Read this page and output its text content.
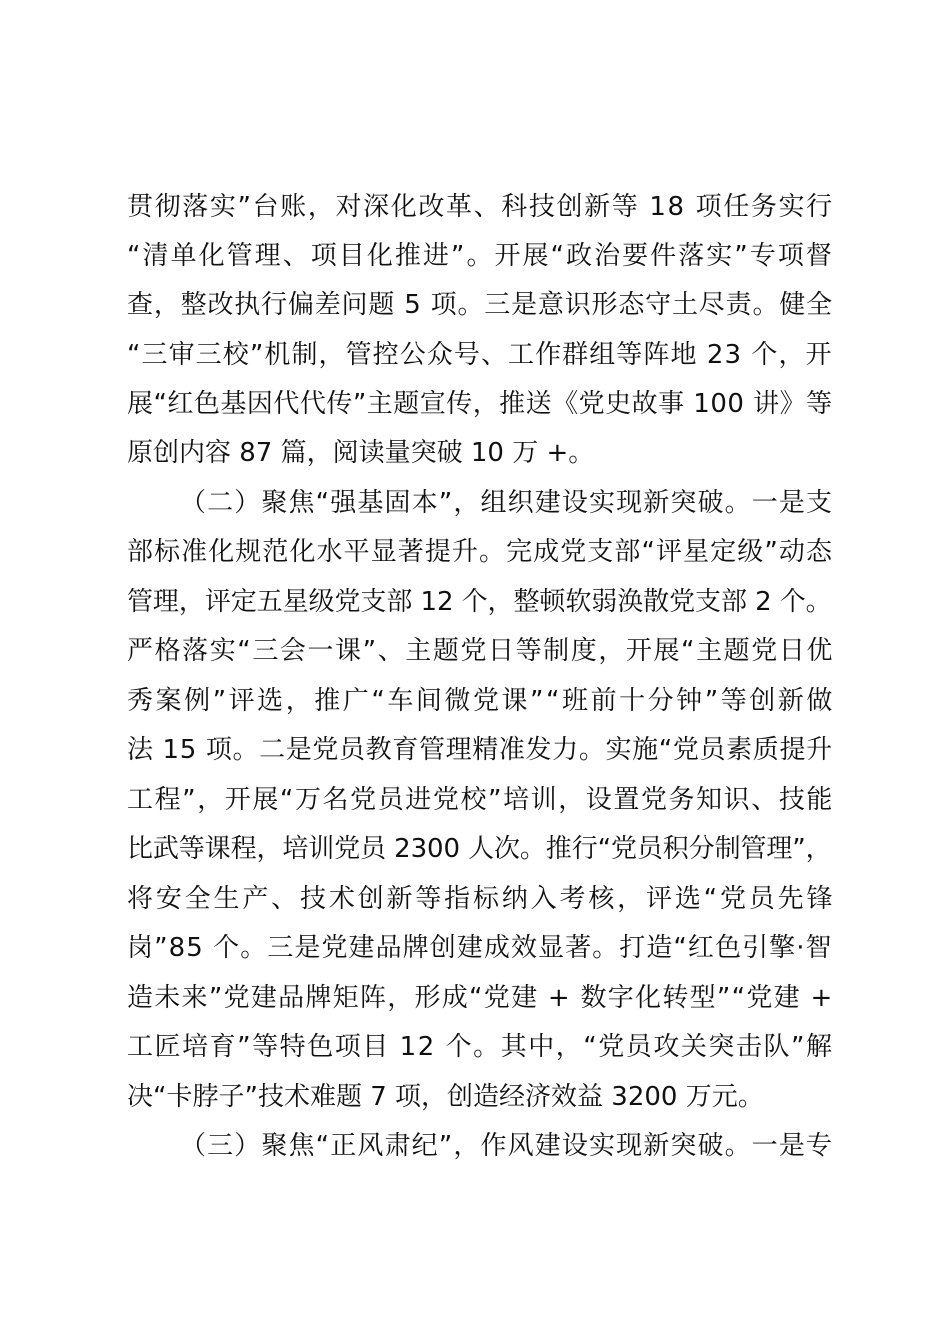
贯彻落实”台账，对深化改革、科技创新等 18 项任务实行
“清单化管理、项目化推进”。开展“政治要件落实”专项督
查，整改执行偏差问题 5 项。三是意识形态守土尽责。健全
“三审三校”机制，管控公众号、工作群组等阵地 23 个，开
展“红色基因代代传”主题宣传，推送《党史故事 100 讲》等
原创内容 87 篇，阅读量突破 10 万 +。
（二）聚焦“强基固本”，组织建设实现新突破。一是支
部标准化规范化水平显著提升。完成党支部“评星定级”动态
管理，评定五星级党支部 12 个，整顿软弱涣散党支部 2 个。
严格落实“三会一课”、主题党日等制度，开展“主题党日优
秀案例”评选，推广“车间微党课”“班前十分钟”等创新做
法 15 项。二是党员教育管理精准发力。实施“党员素质提升
工程”，开展“万名党员进党校”培训，设置党务知识、技能
比武等课程，培训党员 2300 人次。推行“党员积分制管理”，
将安全生产、技术创新等指标纳入考核，评选“党员先锋
岗”85 个。三是党建品牌创建成效显著。打造“红色引擎·智
造未来”党建品牌矩阵，形成“党建 + 数字化转型”“党建 +
工匠培育”等特色项目 12 个。其中，“党员攻关突击队”解
决“卡脖子”技术难题 7 项，创造经济效益 3200 万元。
（三）聚焦“正风肃纪”，作风建设实现新突破。一是专
